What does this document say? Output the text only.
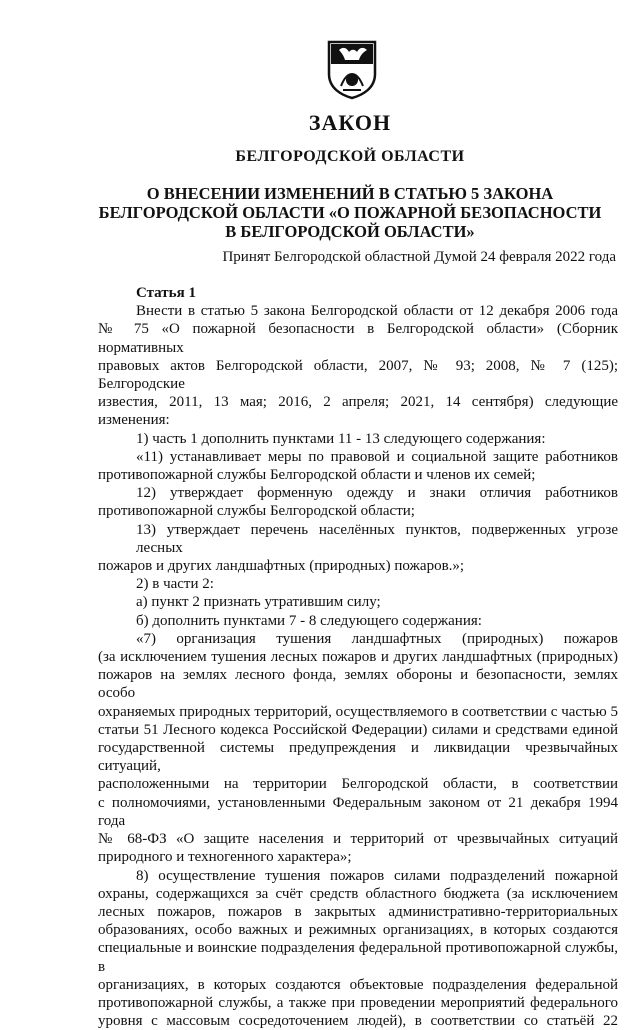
ЗАКОН
БЕЛГОРОДСКОЙ ОБЛАСТИ
О ВНЕСЕНИИ ИЗМЕНЕНИЙ В СТАТЬЮ 5 ЗАКОНА
БЕЛГОРОДСКОЙ ОБЛАСТИ «О ПОЖАРНОЙ БЕЗОПАСНОСТИ
В БЕЛГОРОДСКОЙ ОБЛАСТИ»
Принят Белгородской областной Думой 24 февраля 2022 года
Статья 1
Внести в статью 5 закона Белгородской области от 12 декабря 2006 года
№ 75 «О пожарной безопасности в Белгородской области» (Сборник нормативных
правовых актов Белгородской области, 2007, № 93; 2008, № 7 (125); Белгородские
известия, 2011, 13 мая; 2016, 2 апреля; 2021, 14 сентября) следующие изменения:
1) часть 1 дополнить пунктами 11 - 13 следующего содержания:
«11) устанавливает меры по правовой и социальной защите работников
противопожарной службы Белгородской области и членов их семей;
12) утверждает форменную одежду и знаки отличия работников
противопожарной службы Белгородской области;
13) утверждает перечень населённых пунктов, подверженных угрозе лесных
пожаров и других ландшафтных (природных) пожаров.»;
2) в части 2:
а) пункт 2 признать утратившим силу;
б) дополнить пунктами 7 - 8 следующего содержания:
«7) организация тушения ландшафтных (природных) пожаров
(за исключением тушения лесных пожаров и других ландшафтных (природных)
пожаров на землях лесного фонда, землях обороны и безопасности, землях особо
охраняемых природных территорий, осуществляемого в соответствии с частью 5
статьи 51 Лесного кодекса Российской Федерации) силами и средствами единой
государственной системы предупреждения и ликвидации чрезвычайных ситуаций,
расположенными на территории Белгородской области, в соответствии
с полномочиями, установленными Федеральным законом от 21 декабря 1994 года
№ 68-ФЗ «О защите населения и территорий от чрезвычайных ситуаций
природного и техногенного характера»;
8) осуществление тушения пожаров силами подразделений пожарной
охраны, содержащихся за счёт средств областного бюджета (за исключением
лесных пожаров, пожаров в закрытых административно-территориальных
образованиях, особо важных и режимных организациях, в которых создаются
специальные и воинские подразделения федеральной противопожарной службы, в
организациях, в которых создаются объектовые подразделения федеральной
противопожарной службы, а также при проведении мероприятий федерального
уровня с массовым сосредоточением людей), в соответствии со статьёй 22
